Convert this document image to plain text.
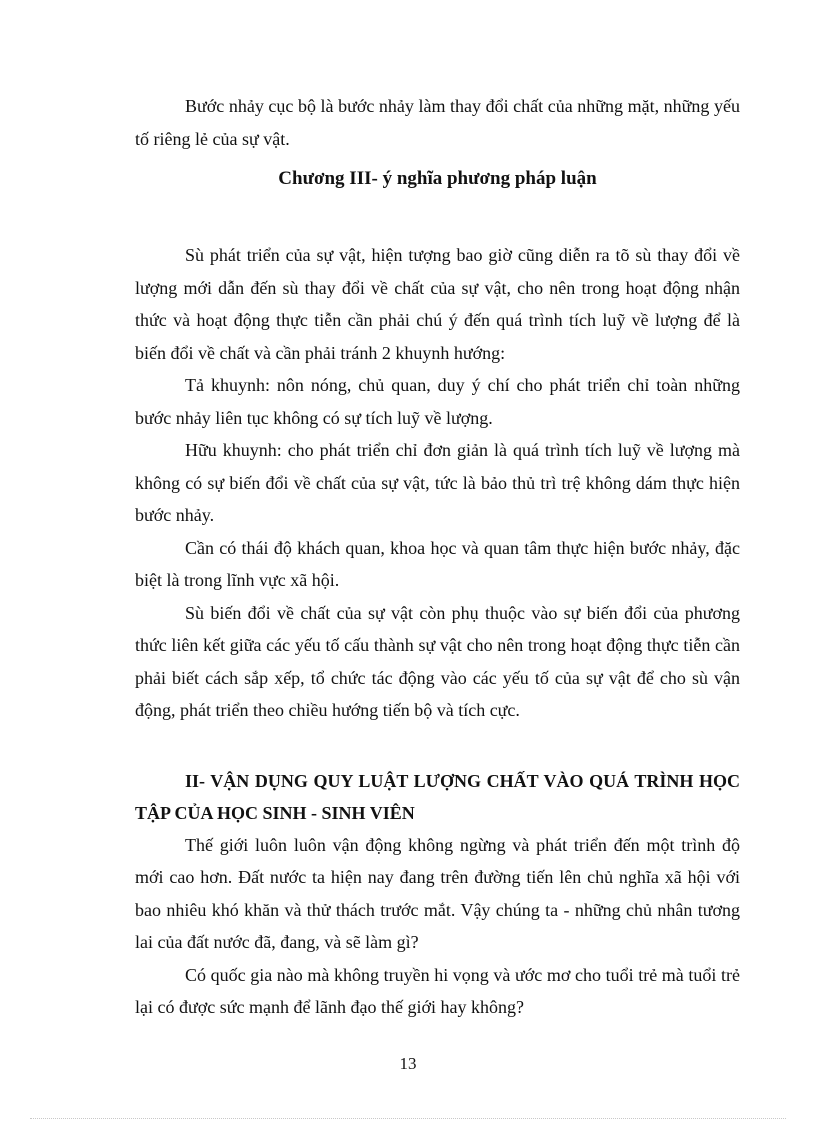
Bước nhảy cục bộ là bước nhảy làm thay đổi chất của những mặt, những yếu tố riêng lẻ của sự vật.

Chương III- ý nghĩa phương pháp luận

Sù phát triển của sự vật, hiện tượng bao giờ cũng diễn ra tõ sù thay đổi về lượng mới dẫn đến sù thay đổi về chất của sự vật, cho nên trong hoạt động nhận thức và hoạt động thực tiễn cần phải chú ý đến quá trình tích luỹ về lượng để là biến đổi về chất và cần phải tránh 2 khuynh hướng:

Tả khuynh: nôn nóng, chủ quan, duy ý chí cho phát triển chỉ toàn những bước nhảy liên tục không có sự tích luỹ về lượng.

Hữu khuynh: cho phát triển chỉ đơn giản là quá trình tích luỹ về lượng mà không có sự biến đổi về chất của sự vật, tức là bảo thủ trì trệ không dám thực hiện bước nhảy.

Cần có thái độ khách quan, khoa học và quan tâm thực hiện bước nhảy, đặc biệt là trong lĩnh vực xã hội.

Sù biến đổi về chất của sự vật còn phụ thuộc vào sự biến đổi của phương thức liên kết giữa các yếu tố cấu thành sự vật cho nên trong hoạt động thực tiễn cần phải biết cách sắp xếp, tổ chức tác động vào các yếu tố của sự vật để cho sù vận động, phát triển theo chiều hướng tiến bộ và tích cực.

II- VẬN DỤNG QUY LUẬT LƯỢNG CHẤT VÀO QUÁ TRÌNH HỌC TẬP CỦA HỌC SINH - SINH VIÊN

Thế giới luôn luôn vận động không ngừng và phát triển đến một trình độ mới cao hơn. Đất nước ta hiện nay đang trên đường tiến lên chủ nghĩa xã hội với bao nhiêu khó khăn và thử thách trước mắt. Vậy chúng ta - những chủ nhân tương lai của đất nước đã, đang, và sẽ làm gì?

Có quốc gia nào mà không truyền hi vọng và ước mơ cho tuổi trẻ mà tuổi trẻ lại có được sức mạnh để lãnh đạo thế giới hay không?

13
